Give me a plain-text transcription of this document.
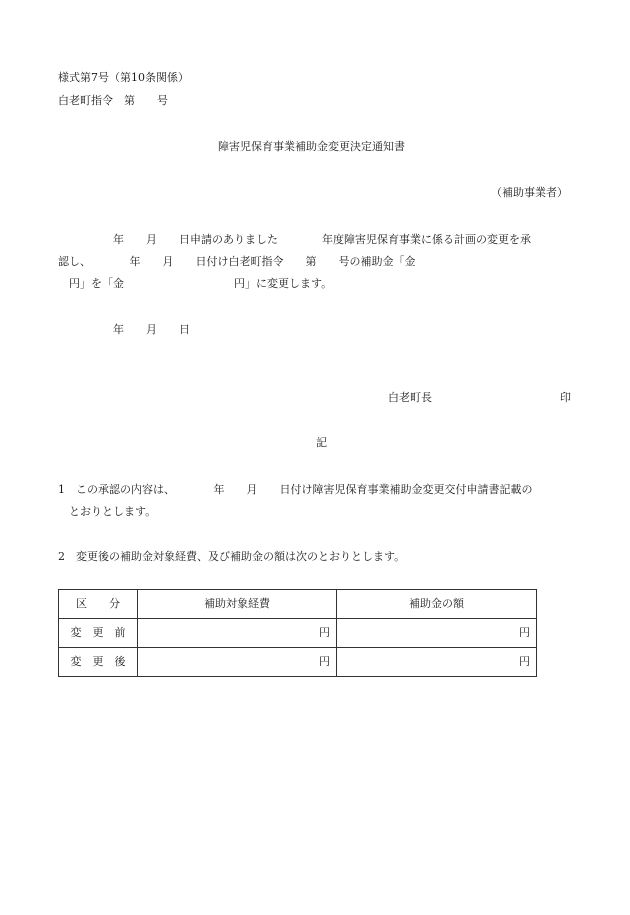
様式第7号（第10条関係）
白老町指令　第　　号
障害児保育事業補助金変更決定通知書
（補助事業者）
　　　　　年　　月　　日申請のありました　　　　年度障害児保育事業に係る計画の変更を承
認し、　　　　年　　月　　日付け白老町指令　　第　　号の補助金「金
　円」を「金　　　　　　　　　　円」に変更します。
　　　　　年　　月　　日
白老町長	印
記
1　この承認の内容は、　　　　年　　月　　日付け障害児保育事業補助金変更交付申請書記載の
　とおりとします。
2　変更後の補助金対象経費、及び補助金の額は次のとおりとします。
区　　分	補助対象経費	補助金の額
変　更　前	円	円
変　更　後	円	円
